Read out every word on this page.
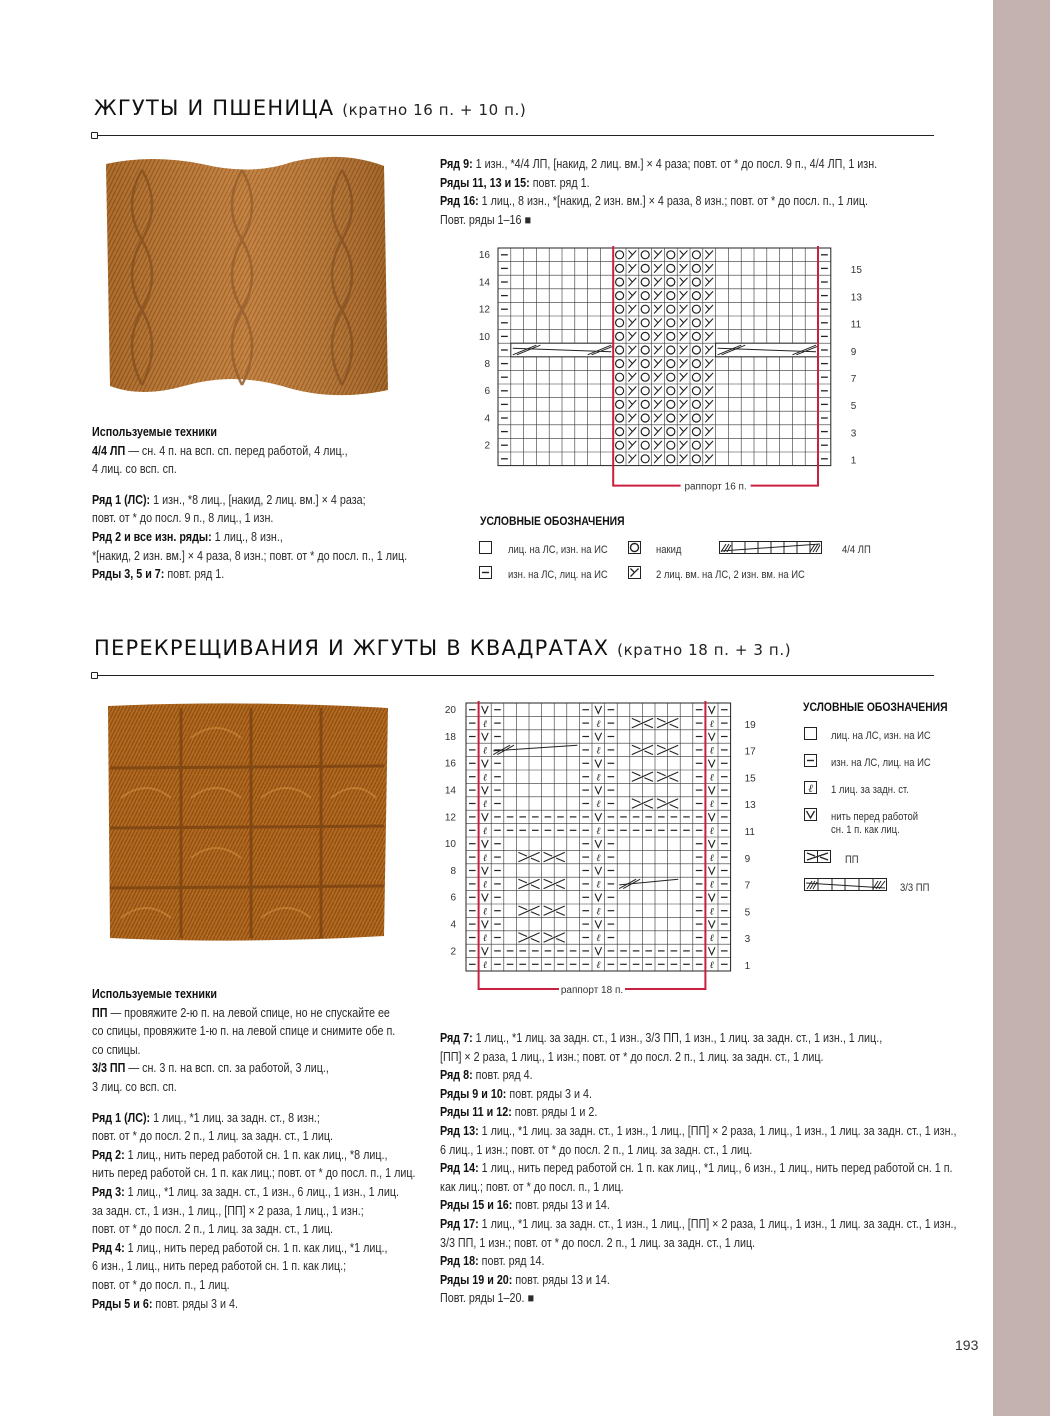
ЖГУТЫ И ПШЕНИЦА (кратно 16 п. + 10 п.)

Используемые техники

4/4 ЛП — сн. 4 п. на всп. сп. перед работой, 4 лиц.,

4 лиц. со всп. сп.

Ряд 1 (ЛС): 1 изн., *8 лиц., [накид, 2 лиц. вм.] × 4 раза;

повт. от * до посл. 9 п., 8 лиц., 1 изн.

Ряд 2 и все изн. ряды: 1 лиц., 8 изн.,

*[накид, 2 изн. вм.] × 4 раза, 8 изн.; повт. от * до посл. п., 1 лиц.

Ряды 3, 5 и 7: повт. ряд 1.

Ряд 9: 1 изн., *4/4 ЛП, [накид, 2 лиц. вм.] × 4 раза; повт. от * до посл. 9 п., 4/4 ЛП, 1 изн.

Ряды 11, 13 и 15: повт. ряд 1.

Ряд 16: 1 лиц., 8 изн., *[накид, 2 изн. вм.] × 4 раза, 8 изн.; повт. от * до посл. п., 1 лиц.

Повт. ряды 1–16 ■

раппорт 16 п.
16
14
12
10
8
6
4
2
15
13
11
9
7
5
3
1
УСЛОВНЫЕ ОБОЗНАЧЕНИЯ
лиц. на ЛС, изн. на ИС
изн. на ЛС, лиц. на ИС
накид
2 лиц. вм. на ЛС, 2 изн. вм. на ИС
4/4 ЛП
ПЕРЕКРЕЩИВАНИЯ И ЖГУТЫ В КВАДРАТАХ (кратно 18 п. + 3 п.)

Используемые техники

ПП — провяжите 2-ю п. на левой спице, но не спускайте ее

со спицы, провяжите 1-ю п. на левой спице и снимите обе п.

со спицы.

3/3 ПП — сн. 3 п. на всп. сп. за работой, 3 лиц.,

3 лиц. со всп. сп.

Ряд 1 (ЛС): 1 лиц., *1 лиц. за задн. ст., 8 изн.;

повт. от * до посл. 2 п., 1 лиц. за задн. ст., 1 лиц.

Ряд 2: 1 лиц., нить перед работой сн. 1 п. как лиц., *8 лиц.,

нить перед работой сн. 1 п. как лиц.; повт. от * до посл. п., 1 лиц.

Ряд 3: 1 лиц., *1 лиц. за задн. ст., 1 изн., 6 лиц., 1 изн., 1 лиц.

за задн. ст., 1 изн., 1 лиц., [ПП] × 2 раза, 1 лиц., 1 изн.;

повт. от * до посл. 2 п., 1 лиц. за задн. ст., 1 лиц.

Ряд 4: 1 лиц., нить перед работой сн. 1 п. как лиц., *1 лиц.,

6 изн., 1 лиц., нить перед работой сн. 1 п. как лиц.;

повт. от * до посл. п., 1 лиц.

Ряды 5 и 6: повт. ряды 3 и 4.

Ряд 7: 1 лиц., *1 лиц. за задн. ст., 1 изн., 3/3 ПП, 1 изн., 1 лиц. за задн. ст., 1 изн., 1 лиц.,

[ПП] × 2 раза, 1 лиц., 1 изн.; повт. от * до посл. 2 п., 1 лиц. за задн. ст., 1 лиц.

Ряд 8: повт. ряд 4.

Ряды 9 и 10: повт. ряды 3 и 4.

Ряды 11 и 12: повт. ряды 1 и 2.

Ряд 13: 1 лиц., *1 лиц. за задн. ст., 1 изн., 1 лиц., [ПП] × 2 раза, 1 лиц., 1 изн., 1 лиц. за задн. ст., 1 изн.,

6 лиц., 1 изн.; повт. от * до посл. 2 п., 1 лиц. за задн. ст., 1 лиц.

Ряд 14: 1 лиц., нить перед работой сн. 1 п. как лиц., *1 лиц., 6 изн., 1 лиц., нить перед работой сн. 1 п.

как лиц.; повт. от * до посл. п., 1 лиц.

Ряды 15 и 16: повт. ряды 13 и 14.

Ряд 17: 1 лиц., *1 лиц. за задн. ст., 1 изн., 1 лиц., [ПП] × 2 раза, 1 лиц., 1 изн., 1 лиц. за задн. ст., 1 изн.,

3/3 ПП, 1 изн.; повт. от * до посл. 2 п., 1 лиц. за задн. ст., 1 лиц.

Ряд 18: повт. ряд 14.

Ряды 19 и 20: повт. ряды 13 и 14.

Повт. ряды 1–20. ■

ℓ	ℓ	ℓ
ℓ	ℓ	ℓ
ℓ	ℓ	ℓ
ℓ	ℓ	ℓ
ℓ	ℓ	ℓ
ℓ	ℓ	ℓ
ℓ	ℓ	ℓ
ℓ	ℓ	ℓ
ℓ	ℓ	ℓ
ℓ	ℓ	ℓ
раппорт 18 п.
20
18
16
14
12
10
8
6
4
2
19
17
15
13
11
9
7
5
3
1
УСЛОВНЫЕ ОБОЗНАЧЕНИЯ
ℓ
лиц. на ЛС, изн. на ИС
изн. на ЛС, лиц. на ИС
1 лиц. за задн. ст.
нить перед работой
сн. 1 п. как лиц.
ПП
3/3 ПП
193
